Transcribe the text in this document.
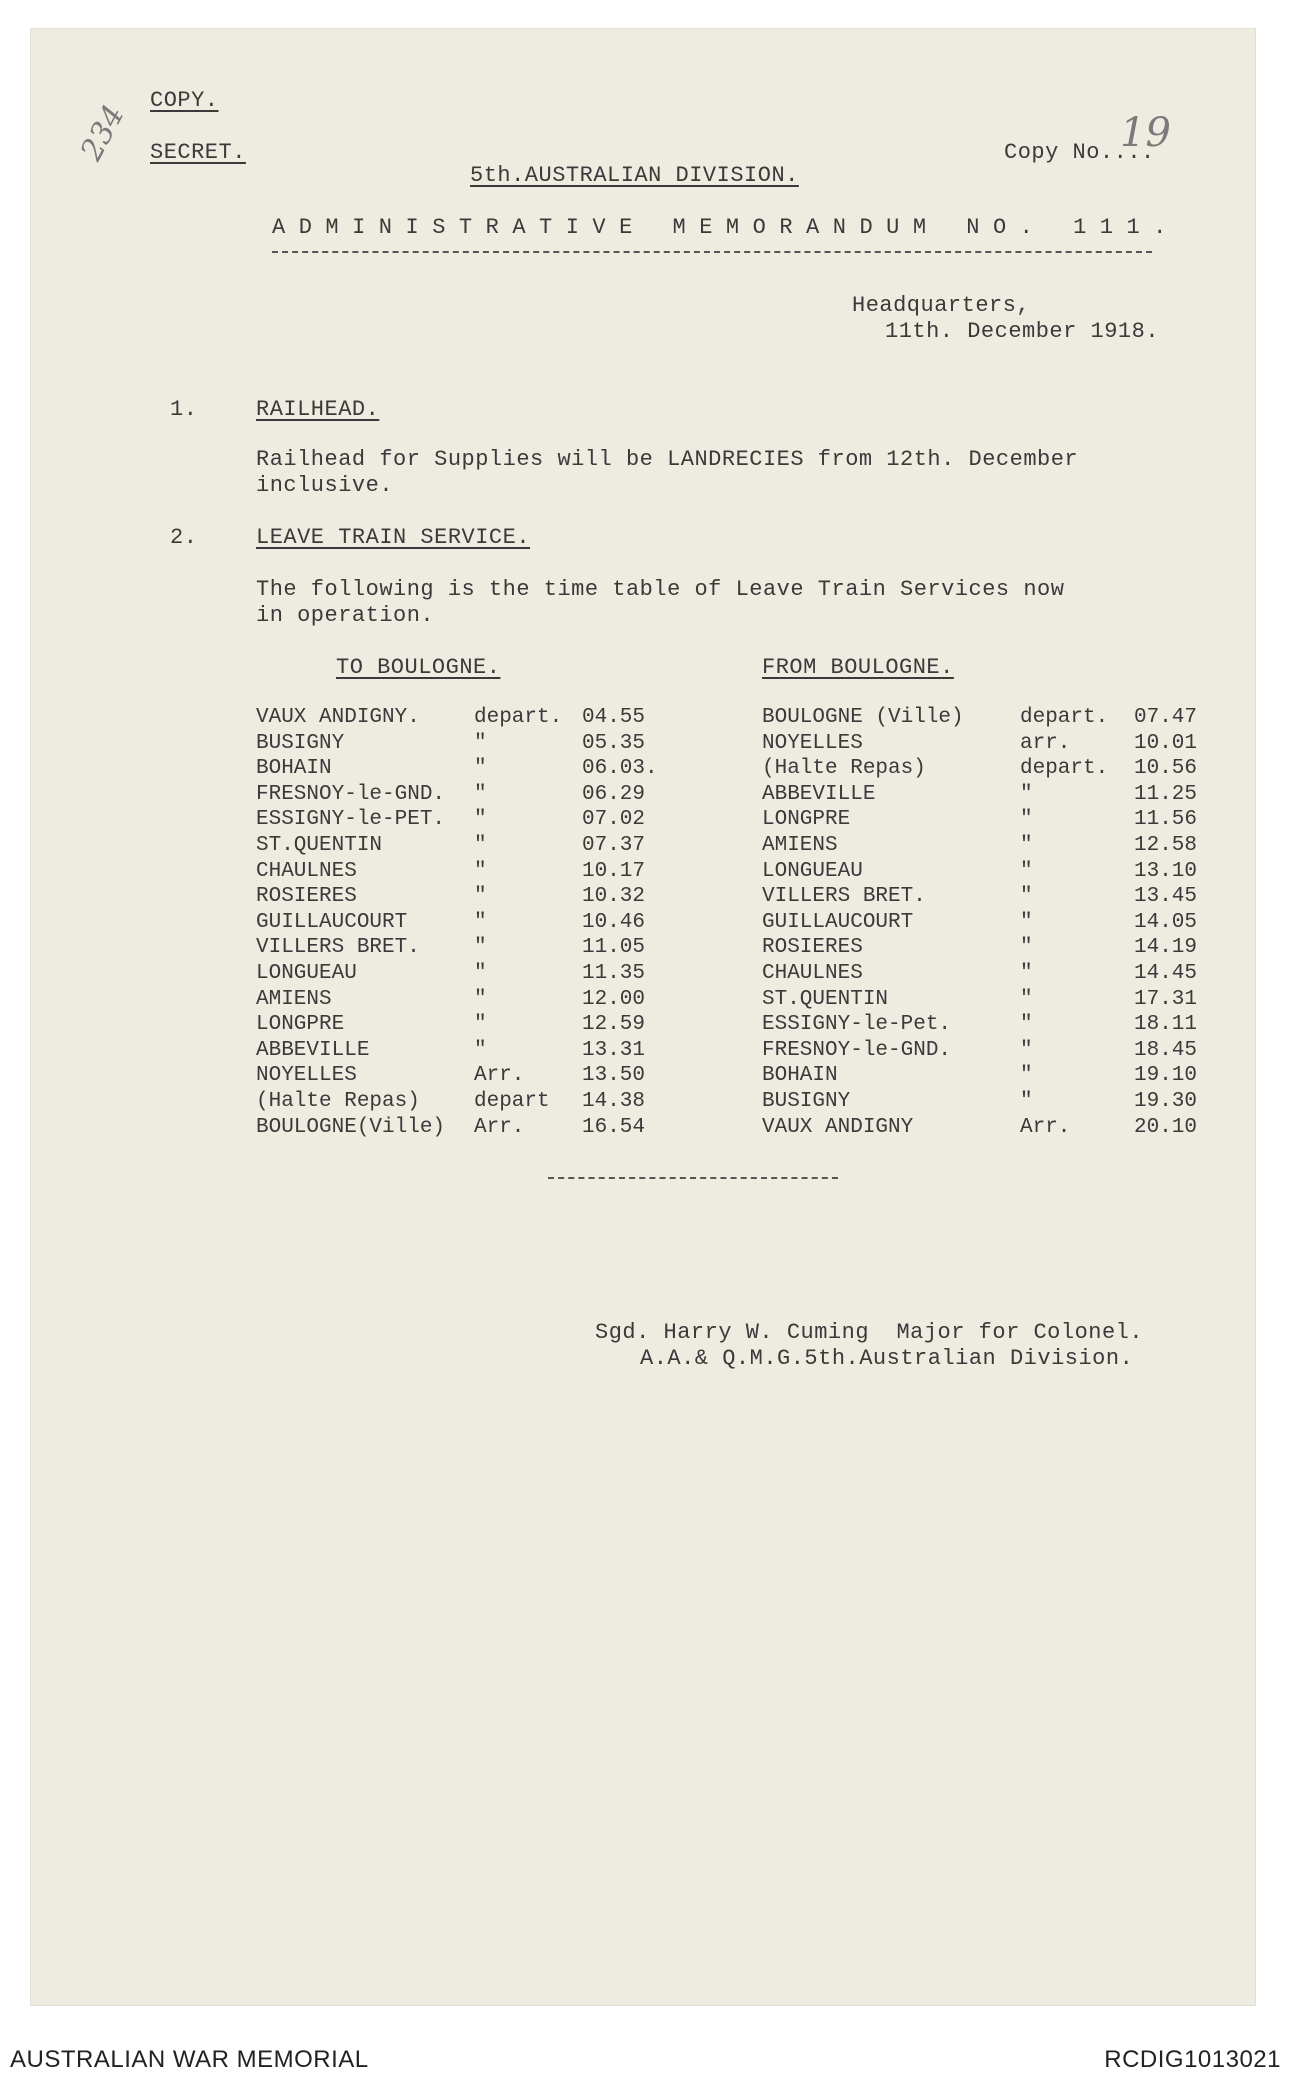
COPY.
SECRET.
234	Copy No....
19
5th.AUSTRALIAN DIVISION.
ADMINISTRATIVE MEMORANDUM NO. 111.
Headquarters,
11th. December 1918.
1.	RAILHEAD.
Railhead for Supplies will be LANDRECIES from 12th. December
inclusive.
2.	LEAVE TRAIN SERVICE.
The following is the time table of Leave Train Services now
in operation.
TO BOULOGNE.	FROM BOULOGNE.
VAUX ANDIGNY.	depart. 04.55
BUSIGNY	"	05.35
BOHAIN	"	06.03.
FRESNOY-le-GND. "	06.29
ESSIGNY-le-PET. "	07.02
ST.QUENTIN	"	07.37
CHAULNES	"	10.17
ROSIERES	"	10.32
GUILLAUCOURT	"	10.46
VILLERS BRET.	"	11.05
LONGUEAU	"	11.35
AMIENS	"	12.00
LONGPRE	"	12.59
ABBEVILLE	"	13.31
NOYELLES	Arr.	13.50
(Halte Repas)	depart 14.38
BOULOGNE(Ville) Arr.	16.54
BOULOGNE (Ville)	depart. 07.47
NOYELLES	arr.	10.01
(Halte Repas)	depart. 10.56
ABBEVILLE	"	11.25
LONGPRE	"	11.56
AMIENS	"	12.58
LONGUEAU	"	13.10
VILLERS BRET.	"	13.45
GUILLAUCOURT	"	14.05
ROSIERES	"	14.19
CHAULNES	"	14.45
ST.QUENTIN	"	17.31
ESSIGNY-le-Pet.	"	18.11
FRESNOY-le-GND.	"	18.45
BOHAIN	"	19.10
BUSIGNY	"	19.30
VAUX ANDIGNY	Arr.	20.10
Sgd. Harry W. Cuming  Major for Colonel.
A.A.& Q.M.G.5th.Australian Division.
AUSTRALIAN WAR MEMORIAL	RCDIG1013021
